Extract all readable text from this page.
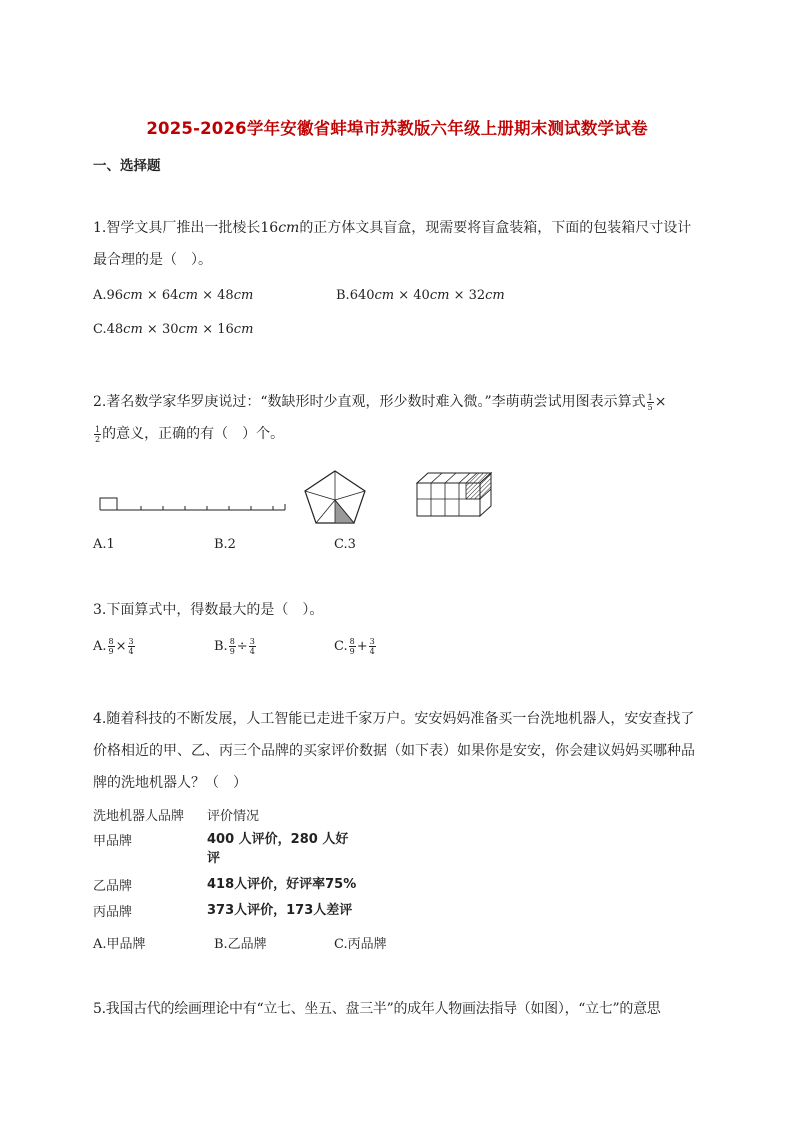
2025-2026学年安徽省蚌埠市苏教版六年级上册期末测试数学试卷
一、选择题
1.智学文具厂推出一批棱长16cm的正方体文具盲盒，现需要将盲盒装箱，下面的包装箱尺寸设计最合理的是（　）。
A.96cm × 64cm × 48cm	B.640cm × 40cm × 32cm
C.48cm × 30cm × 16cm
2.著名数学家华罗庚说过：“数缺形时少直观，形少数时难入微。”李萌萌尝试用图表示算式 $\frac{1}{5}$ ×

$\frac{1}{2}$ 的意义，正确的有（　）个。
A.1	B.2	C.3
3.下面算式中，得数最大的是（　）。
A. $\frac{8}{9} \times \frac{3}{4}$	B. $\frac{8}{9} \div \frac{3}{4}$	C. $\frac{8}{9} + \frac{3}{4}$
4.随着科技的不断发展，人工智能已走进千家万户。安安妈妈准备买一台洗地机器人，安安查找了价格相近的甲、乙、丙三个品牌的买家评价数据（如下表）如果你是安安，你会建议妈妈买哪种品牌的洗地机器人？（　）
洗地机器人品牌 评价情况
甲品牌	400 人评价，280 人好评
乙品牌	418人评价，好评率75%
丙品牌	373人评价，173人差评
A.甲品牌	B.乙品牌	C.丙品牌
5.我国古代的绘画理论中有“立七、坐五、盘三半”的成年人物画法指导（如图），“立七”的意思
